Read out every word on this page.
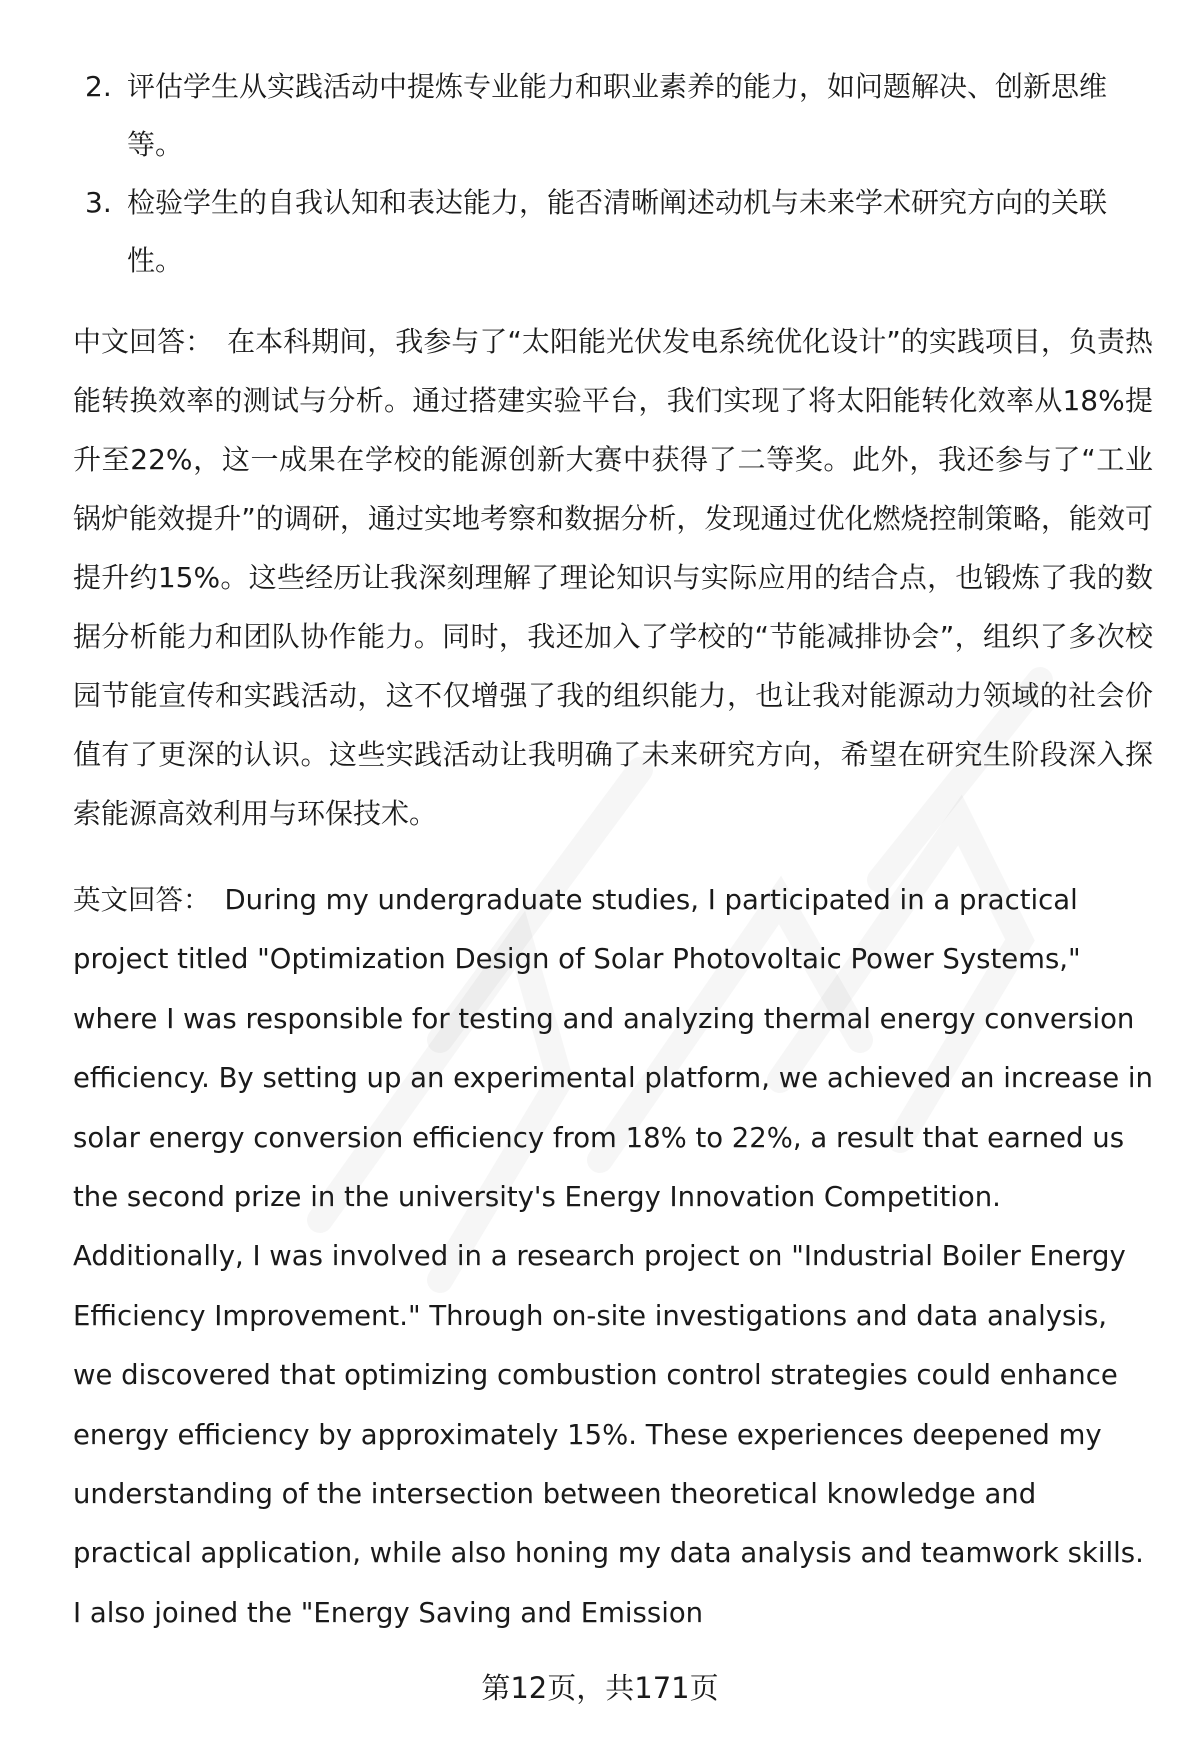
2. 评估学生从实践活动中提炼专业能力和职业素养的能力，如问题解决、创新思维等。
3. 检验学生的自我认知和表达能力，能否清晰阐述动机与未来学术研究方向的关联性。

中文回答： 在本科期间，我参与了“太阳能光伏发电系统优化设计”的实践项目，负责热能转换效率的测试与分析。通过搭建实验平台，我们实现了将太阳能转化效率从18%提升至22%，这一成果在学校的能源创新大赛中获得了二等奖。此外，我还参与了“工业锅炉能效提升”的调研，通过实地考察和数据分析，发现通过优化燃烧控制策略，能效可提升约15%。这些经历让我深刻理解了理论知识与实际应用的结合点，也锻炼了我的数据分析能力和团队协作能力。同时，我还加入了学校的“节能减排协会”，组织了多次校园节能宣传和实践活动，这不仅增强了我的组织能力，也让我对能源动力领域的社会价值有了更深的认识。这些实践活动让我明确了未来研究方向，希望在研究生阶段深入探索能源高效利用与环保技术。

英文回答： During my undergraduate studies, I participated in a practical project titled "Optimization Design of Solar Photovoltaic Power Systems," where I was responsible for testing and analyzing thermal energy conversion efficiency. By setting up an experimental platform, we achieved an increase in solar energy conversion efficiency from 18% to 22%, a result that earned us the second prize in the university's Energy Innovation Competition. Additionally, I was involved in a research project on "Industrial Boiler Energy Efficiency Improvement." Through on-site investigations and data analysis, we discovered that optimizing combustion control strategies could enhance energy efficiency by approximately 15%. These experiences deepened my understanding of the intersection between theoretical knowledge and practical application, while also honing my data analysis and teamwork skills. I also joined the "Energy Saving and Emission

第12页，共171页
